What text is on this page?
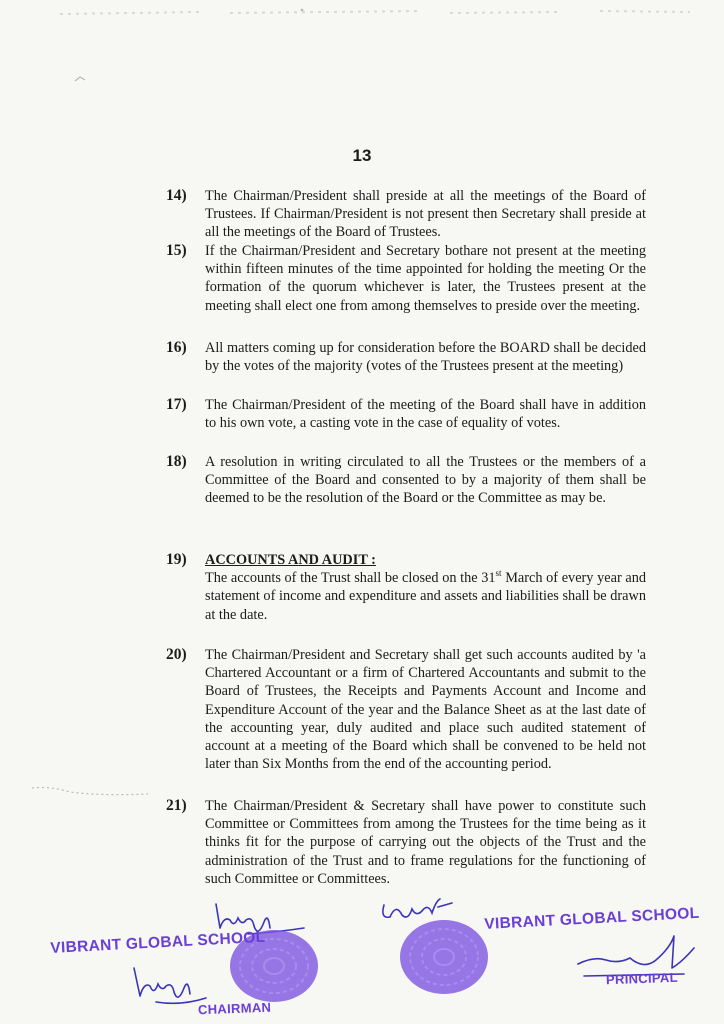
13
14)	The Chairman/President shall preside at all the meetings of the Board of Trustees. If Chairman/President is not present then Secretary shall preside at all the meetings of the Board of Trustees.
15)	If the Chairman/President and Secretary bothare not present at the meeting within fifteen minutes of the time appointed for holding the meeting Or the formation of the quorum whichever is later, the Trustees present at the meeting shall elect one from among themselves to preside over the meeting.
16)	All matters coming up for consideration before the BOARD shall be decided by the votes of the majority (votes of the Trustees present at the meeting)
17)	The Chairman/President of the meeting of the Board shall have in addition to his own vote, a casting vote in the case of equality of votes.
18)	A resolution in writing circulated to all the Trustees or the members of a Committee of the Board and consented to by a majority of them shall be deemed to be the resolution of the Board or the Committee as may be.
19)	ACCOUNTS AND AUDIT :
The accounts of the Trust shall be closed on the 31st March of every year and statement of income and expenditure and assets and liabilities shall be drawn at the date.
20)	The Chairman/President and Secretary shall get such accounts audited by 'a Chartered Accountant or a firm of Chartered Accountants and submit to the Board of Trustees, the Receipts and Payments Account and Income and Expenditure Account of the year and the Balance Sheet as at the last date of the accounting year, duly audited and place such audited statement of account at a meeting of the Board which shall be convened to be held not later than Six Months from the end of the accounting period.
21)	The Chairman/President & Secretary shall have power to constitute such Committee or Committees from among the Trustees for the time being as it thinks fit for the purpose of carrying out the objects of the Trust and the administration of the Trust and to frame regulations for the functioning of such Committee or Committees.
VIBRANT GLOBAL SCHOOL
CHAIRMAN
VIBRANT GLOBAL SCHOOL
PRINCIPAL
